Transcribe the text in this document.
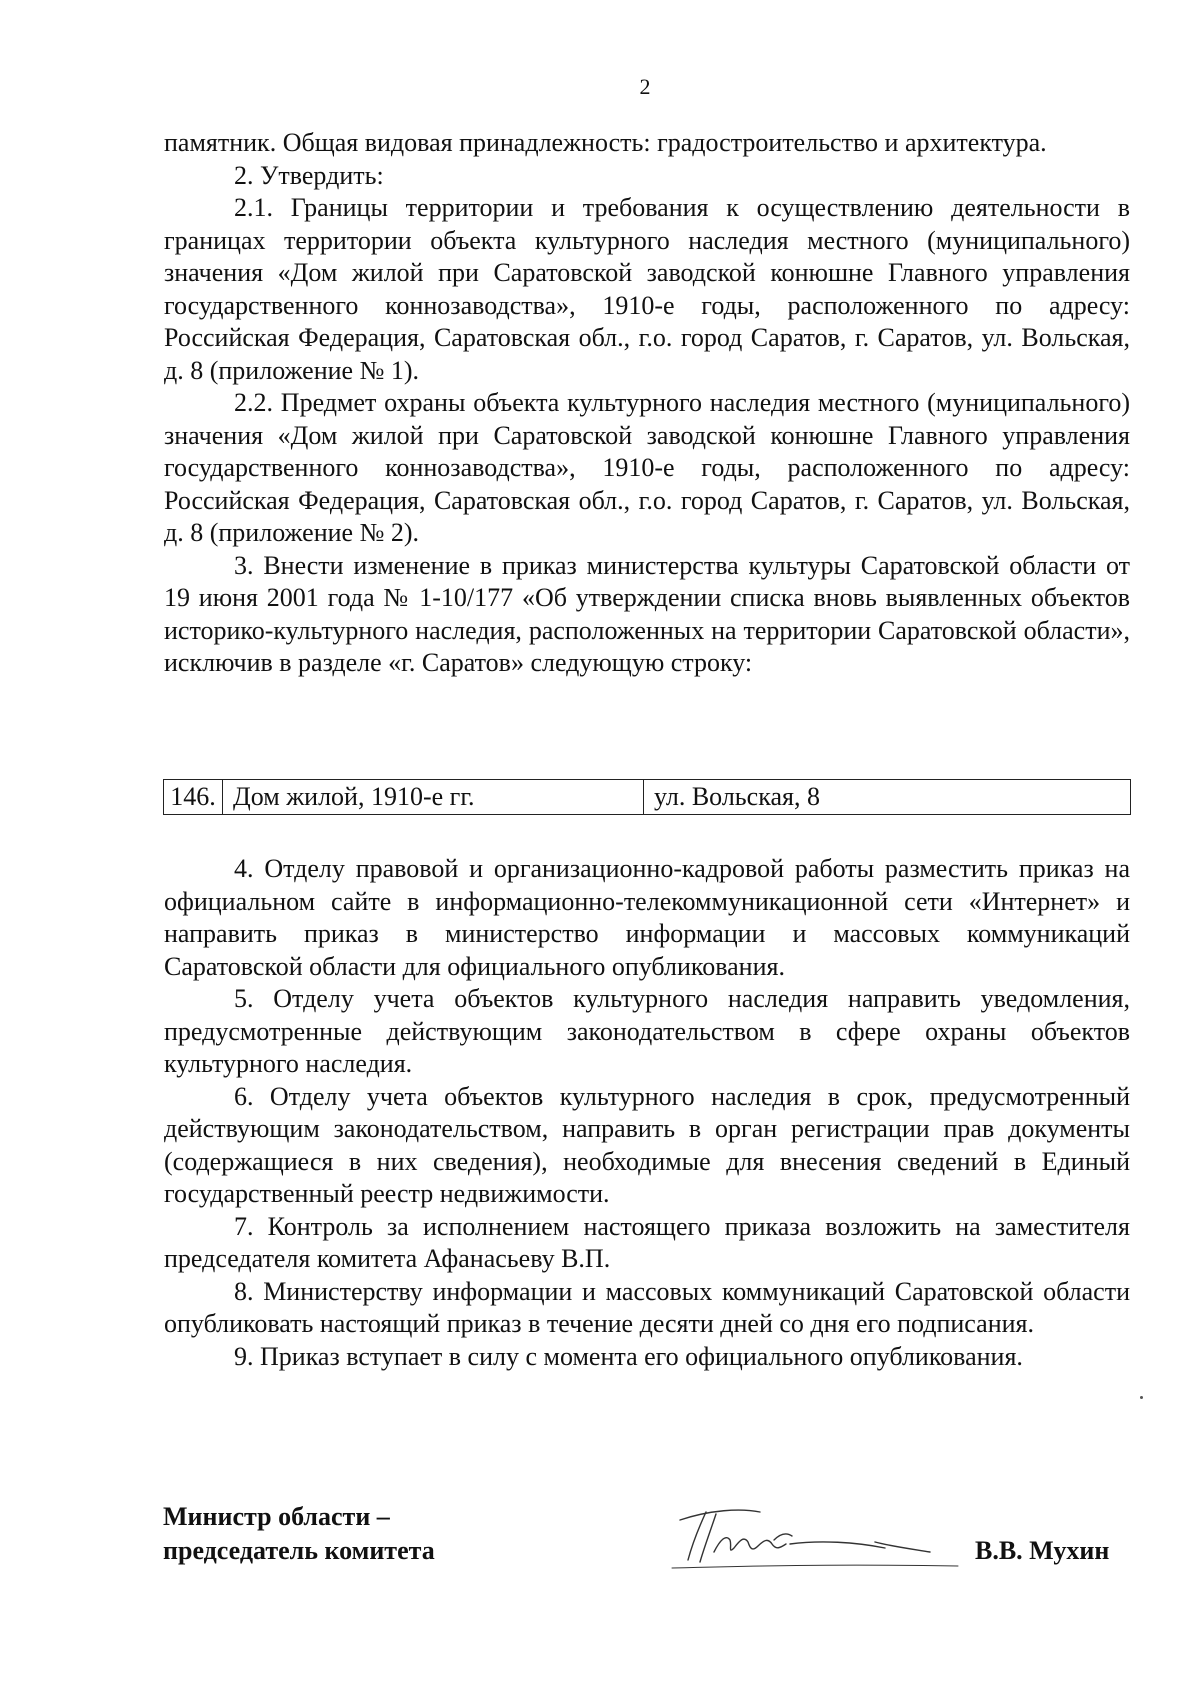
2

памятник. Общая видовая принадлежность: градостроительство и архитектура.

2. Утвердить:

2.1. Границы территории и требования к осуществлению деятельности в границах территории объекта культурного наследия местного (муниципального) значения «Дом жилой при Саратовской заводской конюшне Главного управления государственного коннозаводства», 1910-е годы, расположенного по адресу: Российская Федерация, Саратовская обл., г.о. город Саратов, г. Саратов, ул. Вольская, д. 8 (приложение № 1).

2.2. Предмет охраны объекта культурного наследия местного (муниципального) значения «Дом жилой при Саратовской заводской конюшне Главного управления государственного коннозаводства», 1910-е годы, расположенного по адресу: Российская Федерация, Саратовская обл., г.о. город Саратов, г. Саратов, ул. Вольская, д. 8 (приложение № 2).

3. Внести изменение в приказ министерства культуры Саратовской области от 19 июня 2001 года № 1-10/177 «Об утверждении списка вновь выявленных объектов историко-культурного наследия, расположенных на территории Саратовской области», исключив в разделе «г. Саратов» следующую строку:

146.	Дом жилой, 1910-е гг.	ул. Вольская, 8

4. Отделу правовой и организационно-кадровой работы разместить приказ на официальном сайте в информационно-телекоммуникационной сети «Интернет» и направить приказ в министерство информации и массовых коммуникаций Саратовской области для официального опубликования.

5. Отделу учета объектов культурного наследия направить уведомления, предусмотренные действующим законодательством в сфере охраны объектов культурного наследия.

6. Отделу учета объектов культурного наследия в срок, предусмотренный действующим законодательством, направить в орган регистрации прав документы (содержащиеся в них сведения), необходимые для внесения сведений в Единый государственный реестр недвижимости.

7. Контроль за исполнением настоящего приказа возложить на заместителя председателя комитета Афанасьеву В.П.

8. Министерству информации и массовых коммуникаций Саратовской области опубликовать настоящий приказ в течение десяти дней со дня его подписания.

9. Приказ вступает в силу с момента его официального опубликования.

Министр области –
председатель комитета	В.В. Мухин
